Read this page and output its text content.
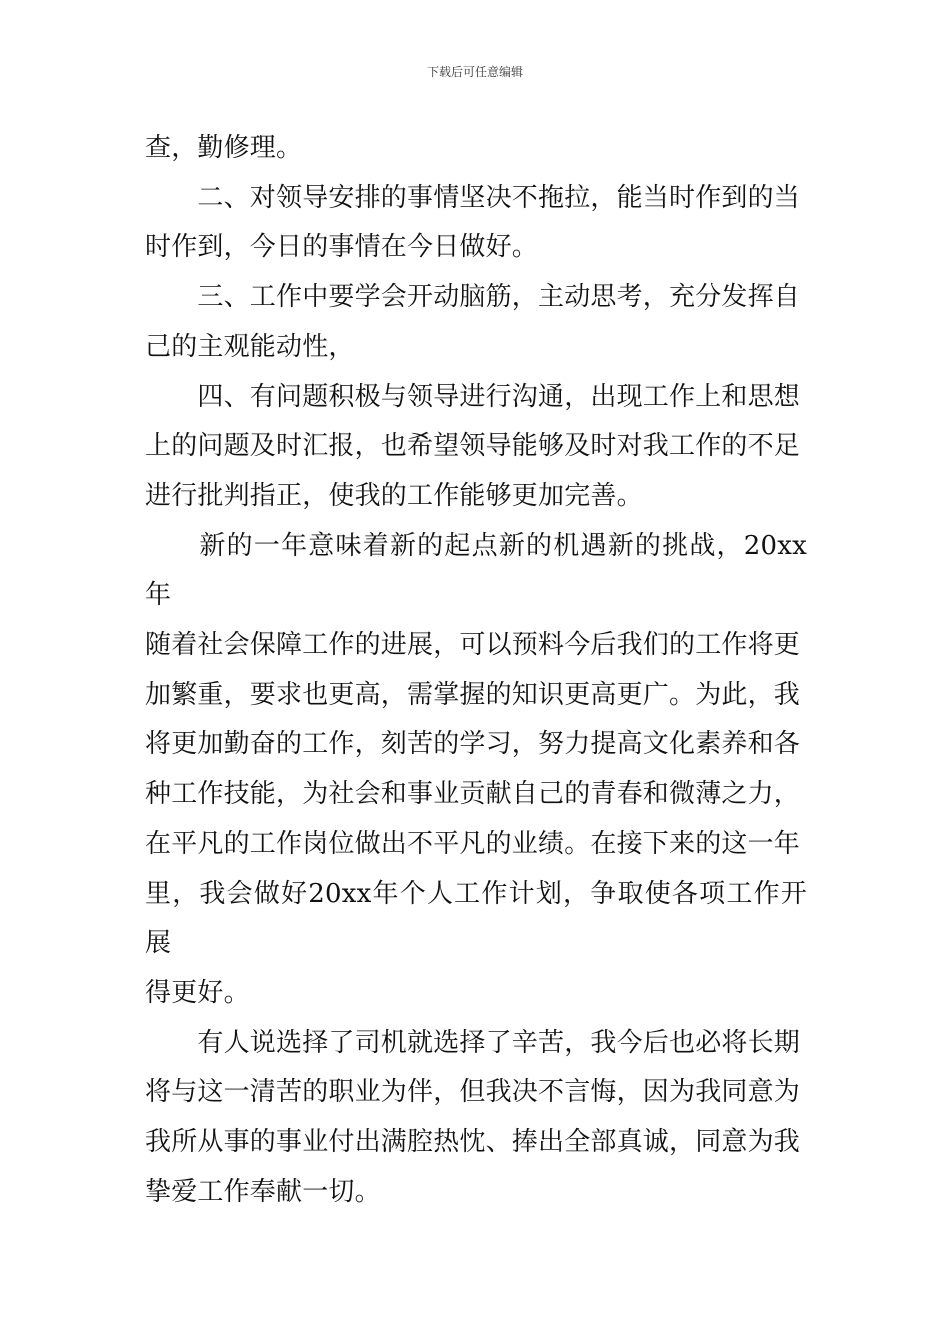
下载后可任意编辑

查，勤修理。

　　二、对领导安排的事情坚决不拖拉，能当时作到的当
时作到，今日的事情在今日做好。

　　三、工作中要学会开动脑筋，主动思考，充分发挥自
己的主观能动性，

　　四、有问题积极与领导进行沟通，出现工作上和思想
上的问题及时汇报，也希望领导能够及时对我工作的不足
进行批判指正，使我的工作能够更加完善。

　　新的一年意味着新的起点新的机遇新的挑战，20xx年
随着社会保障工作的进展，可以预料今后我们的工作将更
加繁重，要求也更高，需掌握的知识更高更广。为此，我
将更加勤奋的工作，刻苦的学习，努力提高文化素养和各
种工作技能，为社会和事业贡献自己的青春和微薄之力，
在平凡的工作岗位做出不平凡的业绩。在接下来的这一年
里，我会做好20xx年个人工作计划，争取使各项工作开展
得更好。

　　有人说选择了司机就选择了辛苦，我今后也必将长期
将与这一清苦的职业为伴，但我决不言悔，因为我同意为
我所从事的事业付出满腔热忱、捧出全部真诚，同意为我
挚爱工作奉献一切。
